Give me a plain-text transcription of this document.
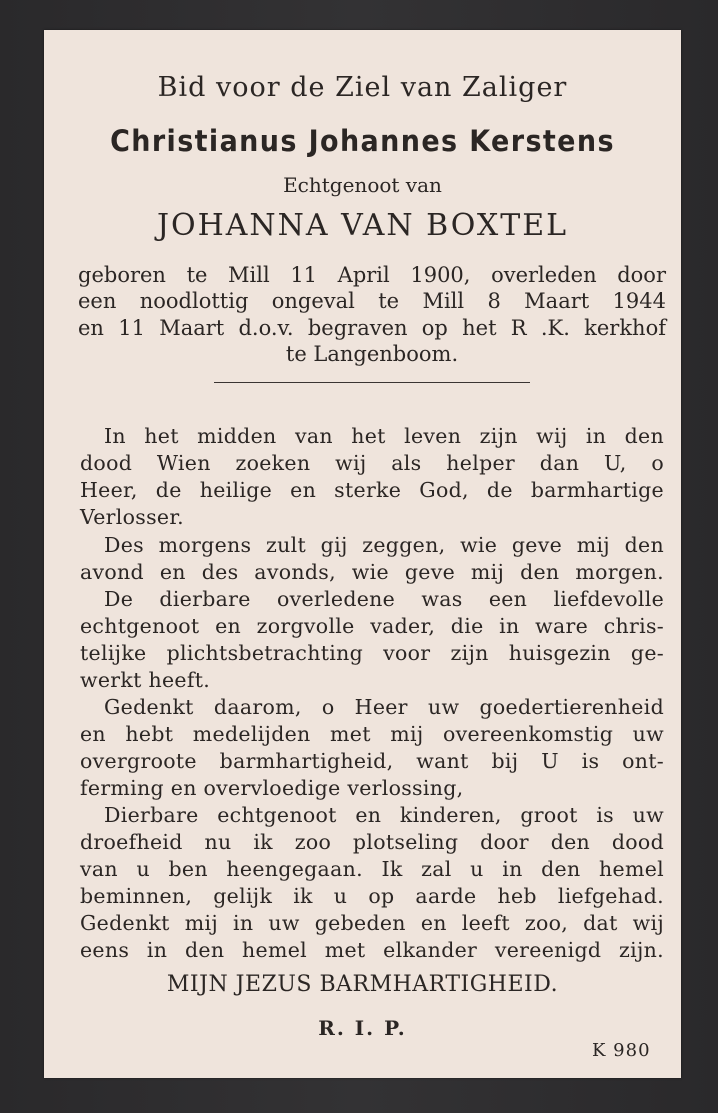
Bid voor de Ziel van Zaliger
Christianus Johannes Kerstens
Echtgenoot van
JOHANNA VAN BOXTEL
geboren te Mill 11 April 1900, overleden door
een noodlottig ongeval te Mill 8 Maart 1944
en 11 Maart d.o.v. begraven op het R .K. kerkhof
te Langenboom.
In het midden van het leven zijn wij in den
dood Wien zoeken wij als helper dan U, o
Heer, de heilige en sterke God, de barmhartige
Verlosser.
Des morgens zult gij zeggen, wie geve mij den
avond en des avonds, wie geve mij den morgen.
De dierbare overledene was een liefdevolle
echtgenoot en zorgvolle vader, die in ware chris-
telijke plichtsbetrachting voor zijn huisgezin ge-
werkt heeft.
Gedenkt daarom, o Heer uw goedertierenheid
en hebt medelijden met mij overeenkomstig uw
overgroote barmhartigheid, want bij U is ont-
ferming en overvloedige verlossing,
Dierbare echtgenoot en kinderen, groot is uw
droefheid nu ik zoo plotseling door den dood
van u ben heengegaan. Ik zal u in den hemel
beminnen, gelijk ik u op aarde heb liefgehad.
Gedenkt mij in uw gebeden en leeft zoo, dat wij
eens in den hemel met elkander vereenigd zijn.
MIJN JEZUS BARMHARTIGHEID.
R. I. P.
K 980
